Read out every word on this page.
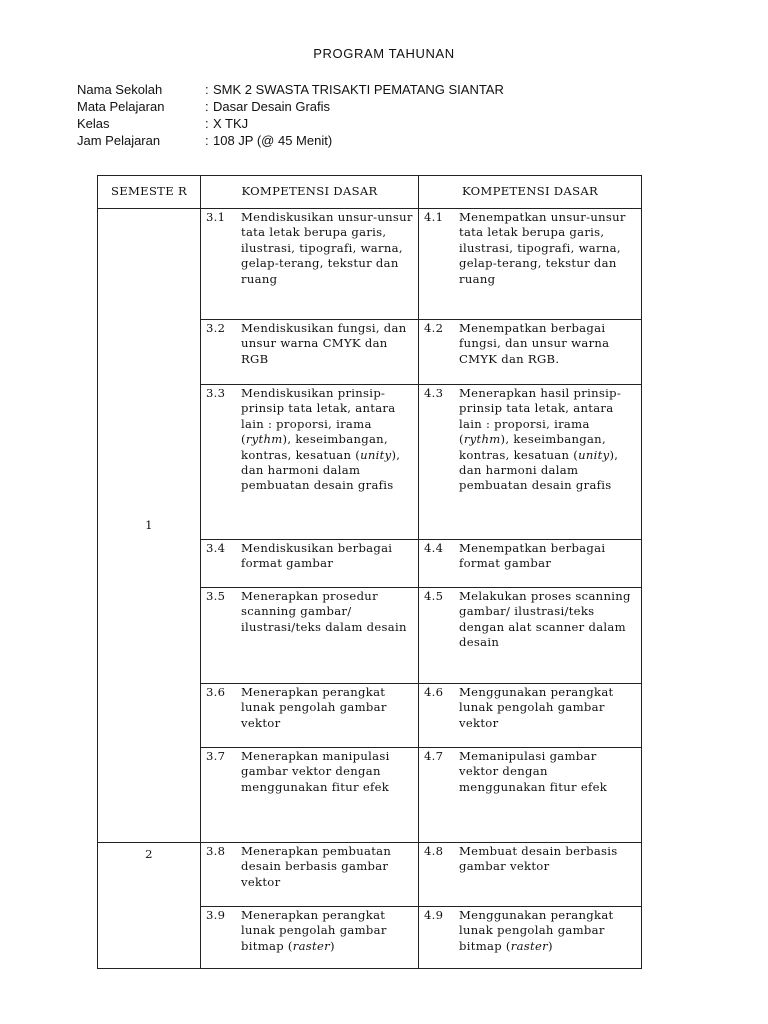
PROGRAM TAHUNAN
Nama Sekolah	: SMK 2 SWASTA TRISAKTI PEMATANG SIANTAR
Mata Pelajaran	: Dasar Desain Grafis
Kelas	: X TKJ
Jam Pelajaran	: 108 JP (@ 45 Menit)
SEMESTE R	KOMPETENSI DASAR	KOMPETENSI DASAR
1	3.1 Mendiskusikan unsur-unsur tata letak berupa garis, ilustrasi, tipografi, warna, gelap-terang, tekstur dan ruang	4.1 Menempatkan unsur-unsur tata letak berupa garis, ilustrasi, tipografi, warna, gelap-terang, tekstur dan ruang

	3.2 Mendiskusikan fungsi, dan unsur warna CMYK dan RGB	4.2 Menempatkan berbagai fungsi, dan unsur warna CMYK dan RGB.

	3.3 Mendiskusikan prinsip-prinsip tata letak, antara lain : proporsi, irama (rythm), keseimbangan, kontras, kesatuan (unity), dan harmoni dalam pembuatan desain grafis	4.3 Menerapkan hasil prinsip- prinsip tata letak, antara lain : proporsi, irama (rythm), keseimbangan, kontras, kesatuan (unity), dan harmoni dalam pembuatan desain grafis

	3.4 Mendiskusikan berbagai format gambar	4.4 Menempatkan berbagai format gambar

	3.5 Menerapkan prosedur scanning gambar/ ilustrasi/teks dalam desain	4.5 Melakukan proses scanning gambar/ ilustrasi/teks dengan alat scanner dalam desain

	3.6 Menerapkan perangkat lunak pengolah gambar vektor	4.6 Menggunakan perangkat lunak pengolah gambar vektor

	3.7 Menerapkan manipulasi gambar vektor dengan menggunakan fitur efek	4.7 Memanipulasi gambar vektor dengan menggunakan fitur efek

2	3.8 Menerapkan pembuatan desain berbasis gambar vektor	4.8 Membuat desain berbasis gambar vektor

	3.9 Menerapkan perangkat lunak pengolah gambar bitmap (raster)	4.9 Menggunakan perangkat lunak pengolah gambar bitmap (raster)
